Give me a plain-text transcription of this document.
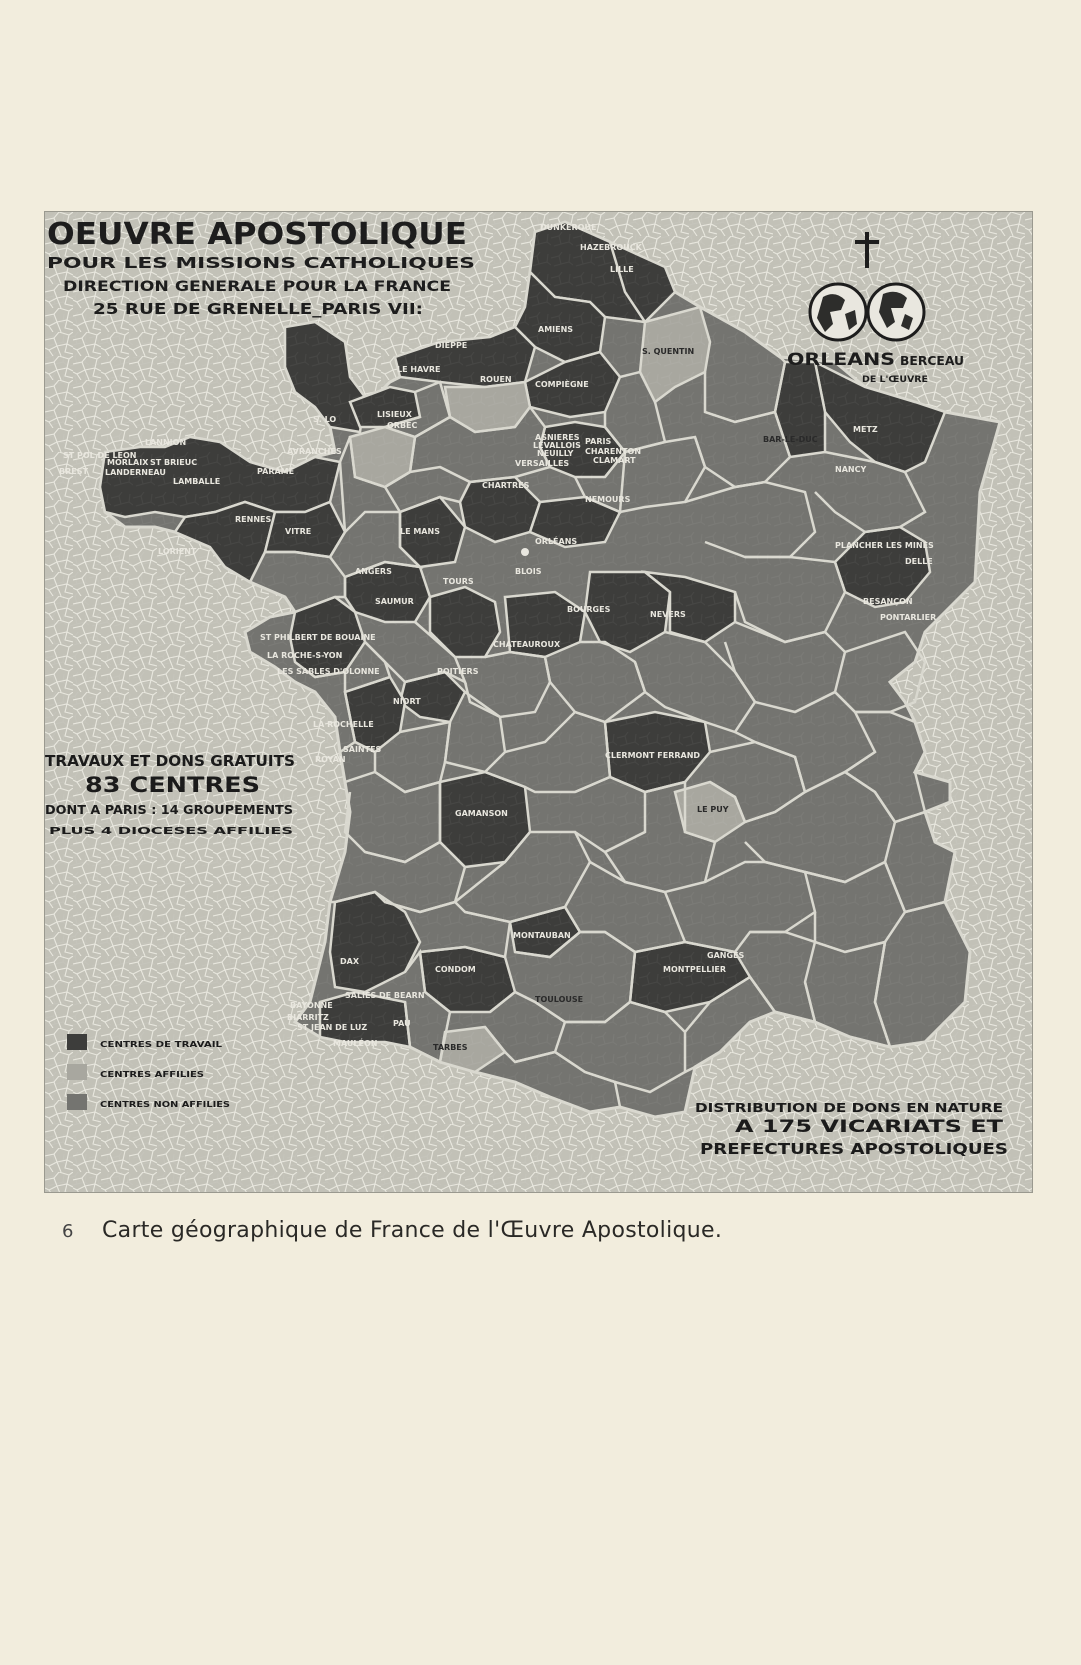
OEUVRE APOSTOLIQUE
POUR LES MISSIONS CATHOLIQUES
DIRECTION GENERALE POUR LA FRANCE
25 RUE DE GRENELLE_PARIS VII:
ORLEANS BERCEAU
DE L'ŒUVRE
TRAVAUX ET DONS GRATUITS
83 CENTRES
DONT A PARIS : 14 GROUPEMENTS
PLUS 4 DIOCESES AFFILIES
DISTRIBUTION DE DONS EN NATURE
A 175 VICARIATS ET
PREFECTURES APOSTOLIQUES
CENTRES DE TRAVAIL
CENTRES AFFILIES
CENTRES NON AFFILIES
DUNKERQUE
HAZEBROUCK
LILLE
AMIENS
S. QUENTIN
DIEPPE
LE HAVRE
ROUEN
COMPIÈGNE
S. LO
LISIEUX
ORBEC
LANNION
ST POL DE LEON
BREST
MORLAIX
LANDERNEAU
ST BRIEUC
LAMBALLE
AVRANCHES
PARAMÉ
RENNES
VITRE
LORIENT
ASNIERES
LEVALLOIS
NEUILLY
VERSAILLES
PARIS
CHARENTON
CLAMART
CHARTRES
NEMOURS
LE MANS
ORLÉANS
METZ
BAR-LE-DUC
NANCY
PLANCHER LES MINES
DELLE
BESANÇON
PONTARLIER
ANGERS
SAUMUR
TOURS
BLOIS
BOURGES
NEVERS
CHATEAUROUX
ST PHILBERT DE BOUAINE
LA ROCHE-S-YON
LES SABLES D'OLONNE	POITIERS
NIORT
LA ROCHELLE
SAINTES
ROYAN	CLERMONT FERRAND
GAMANSON	LE PUY
MONTAUBAN
CONDOM
DAX
GANGES
MONTPELLIER
TOULOUSE
BAYONNE
BIARRITZ
ST JEAN DE LUZ
SALIES DE BEARN
PAU
MAULÉON	TARBES
6 Carte géographique de France de l'Œuvre Apostolique.
